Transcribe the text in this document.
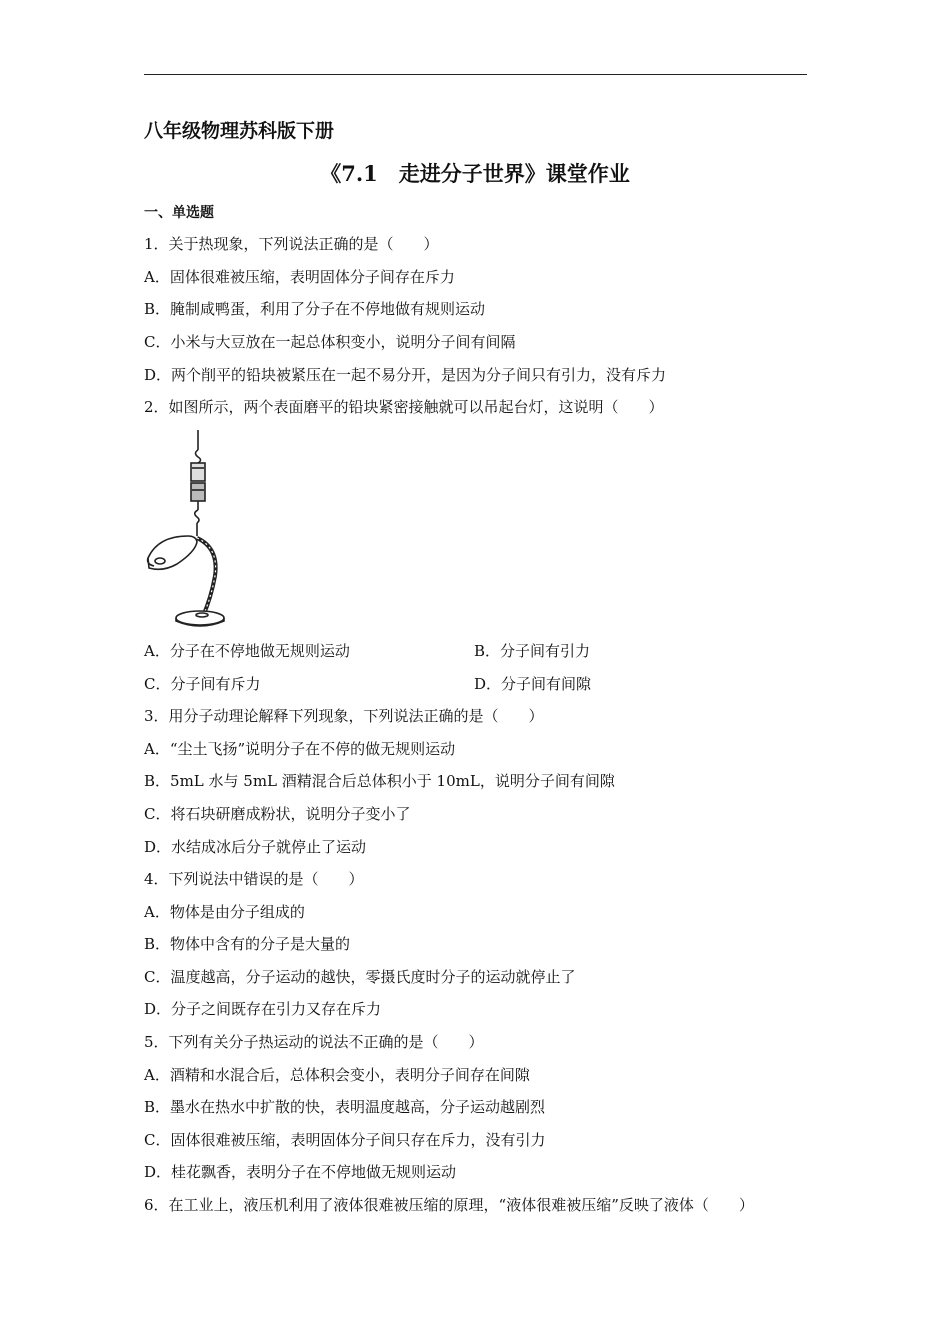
八年级物理苏科版下册
《7.1　走进分子世界》课堂作业
一、单选题
1．关于热现象，下列说法正确的是（　　）
A．固体很难被压缩，表明固体分子间存在斥力
B．腌制咸鸭蛋，利用了分子在不停地做有规则运动
C．小米与大豆放在一起总体积变小，说明分子间有间隔
D．两个削平的铅块被紧压在一起不易分开，是因为分子间只有引力，没有斥力
2．如图所示，两个表面磨平的铅块紧密接触就可以吊起台灯，这说明（　　）
A．分子在不停地做无规则运动	B．分子间有引力
C．分子间有斥力	D．分子间有间隙
3．用分子动理论解释下列现象，下列说法正确的是（　　）
A．“尘土飞扬”说明分子在不停的做无规则运动
B．5mL 水与 5mL 酒精混合后总体积小于 10mL，说明分子间有间隙
C．将石块研磨成粉状，说明分子变小了
D．水结成冰后分子就停止了运动
4．下列说法中错误的是（　　）
A．物体是由分子组成的
B．物体中含有的分子是大量的
C．温度越高，分子运动的越快，零摄氏度时分子的运动就停止了
D．分子之间既存在引力又存在斥力
5．下列有关分子热运动的说法不正确的是（　　）
A．酒精和水混合后，总体积会变小，表明分子间存在间隙
B．墨水在热水中扩散的快，表明温度越高，分子运动越剧烈
C．固体很难被压缩，表明固体分子间只存在斥力，没有引力
D．桂花飘香，表明分子在不停地做无规则运动
6．在工业上，液压机利用了液体很难被压缩的原理，“液体很难被压缩”反映了液体（　　）
